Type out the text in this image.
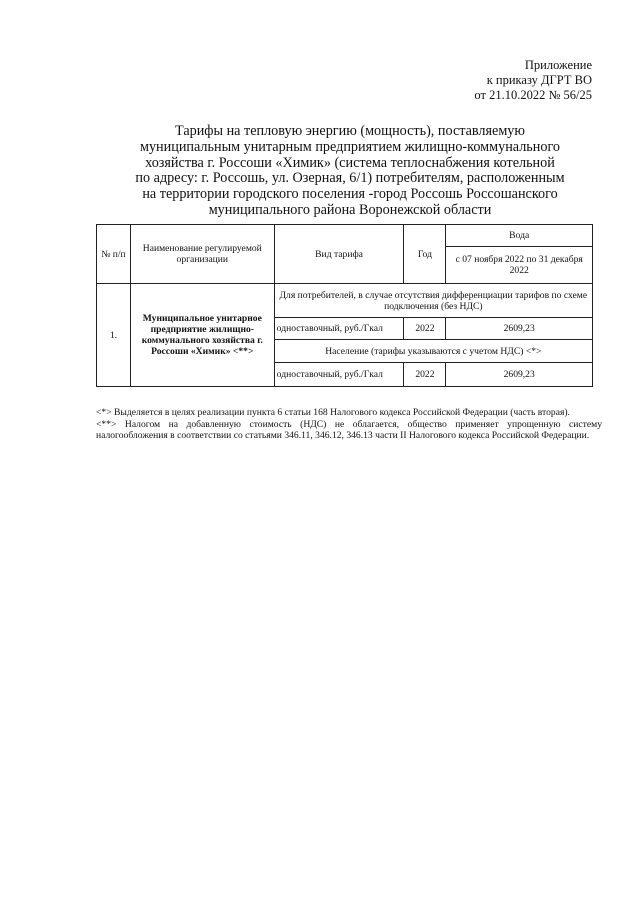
Приложение
к приказу ДГРТ ВО
от 21.10.2022 № 56/25
Тарифы на тепловую энергию (мощность), поставляемую
муниципальным унитарным предприятием жилищно-коммунального
хозяйства г. Россоши «Химик» (система теплоснабжения котельной
по адресу: г. Россошь, ул. Озерная, 6/1) потребителям, расположенным
на территории городского поселения -город Россошь Россошанского
муниципального района Воронежской области
№ п/п	Наименование регулируемой организации	Вид тарифа	Год	Вода
				с 07 ноября 2022 по 31 декабря 2022
1.	Муниципальное унитарное предприятие жилищно-коммунального хозяйства г. Россоши «Химик» <**>	Для потребителей, в случае отсутствия дифференциации тарифов по схеме подключения (без НДС)		
		одноставочный, руб./Гкал	2022	2609,23
		Население (тарифы указываются с учетом НДС) <*>		
		одноставочный, руб./Гкал	2022	2609,23

<*> Выделяется в целях реализации пункта 6 статьи 168 Налогового кодекса Российской Федерации (часть вторая).

<**> Налогом на добавленную стоимость (НДС) не облагается, общество применяет упрощенную систему налогообложения в соответствии со статьями 346.11, 346.12, 346.13 части II Налогового кодекса Российской Федерации.
